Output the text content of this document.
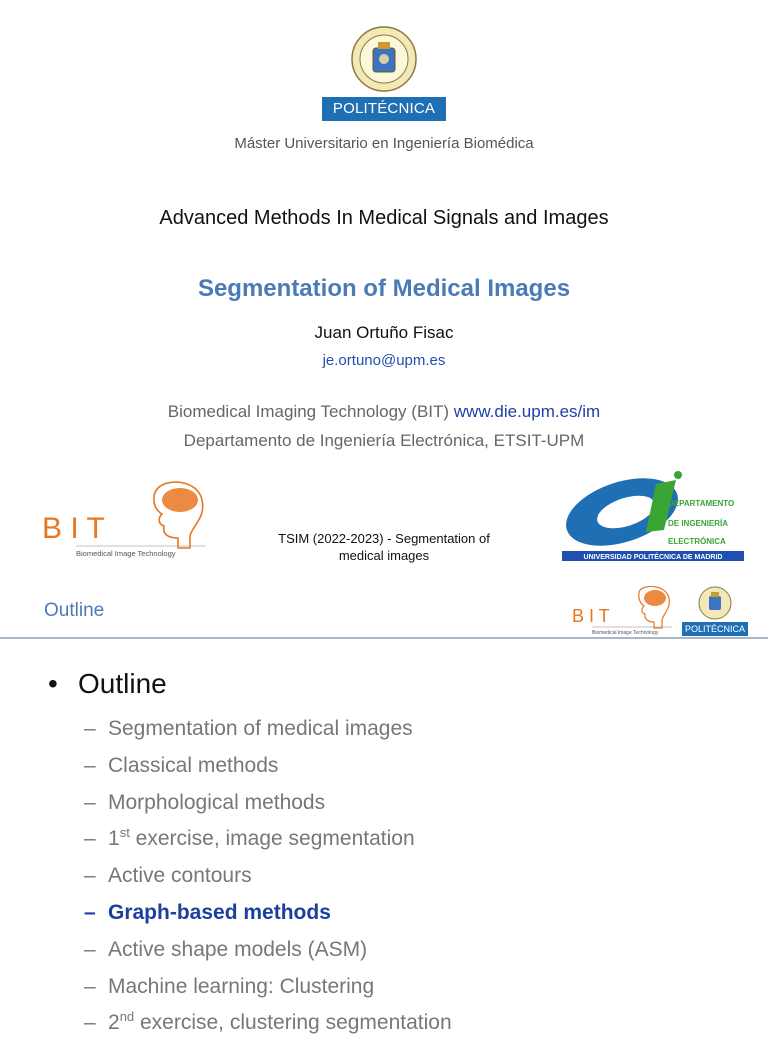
POLITÉCNICA
Máster Universitario en Ingeniería Biomédica
Advanced Methods In Medical Signals and Images
Segmentation of Medical Images
Juan Ortuño Fisac
je.ortuno@upm.es
Biomedical Imaging Technology (BIT) www.die.upm.es/im
Departamento de Ingeniería Electrónica, ETSIT-UPM
B I T
Biomedical Image Technology
TSIM (2022-2023) - Segmentation of medical images
DEPARTAMENTO
DE INGENIERÍA
ELECTRÓNICA
UNIVERSIDAD POLITÉCNICA DE MADRID
Outline	B I T
Biomedical Image Technology	POLITÉCNICA
• Outline
– Segmentation of medical images
– Classical methods
– Morphological methods
– 1st exercise, image segmentation
– Active contours
– Graph-based methods
– Active shape models (ASM)
– Machine learning: Clustering
– 2nd exercise, clustering segmentation
